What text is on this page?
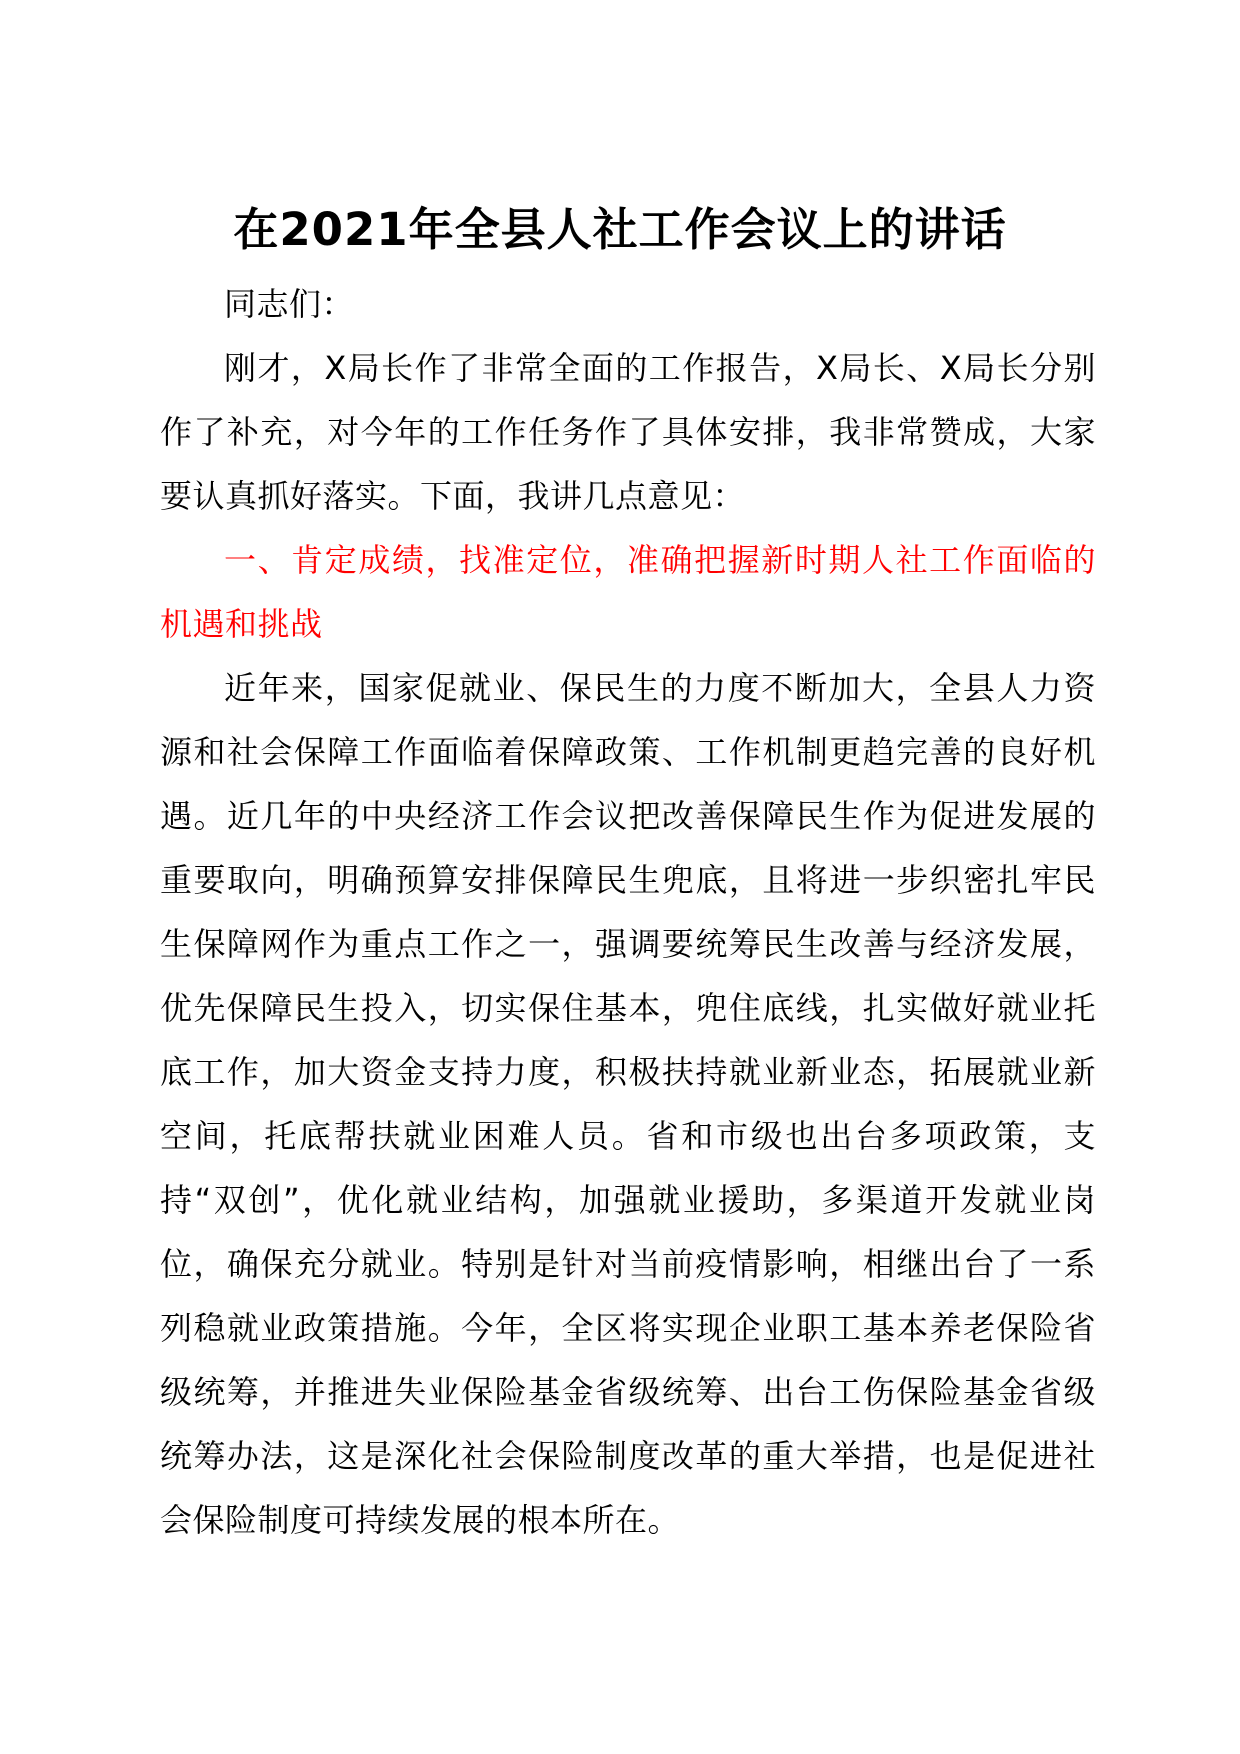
在2021年全县人社工作会议上的讲话

同志们：

刚才，X局长作了非常全面的工作报告，X局长、X局长分别作了补充，对今年的工作任务作了具体安排，我非常赞成，大家要认真抓好落实。下面，我讲几点意见：

一、肯定成绩，找准定位，准确把握新时期人社工作面临的机遇和挑战

近年来，国家促就业、保民生的力度不断加大，全县人力资源和社会保障工作面临着保障政策、工作机制更趋完善的良好机遇。近几年的中央经济工作会议把改善保障民生作为促进发展的重要取向，明确预算安排保障民生兜底，且将进一步织密扎牢民生保障网作为重点工作之一，强调要统筹民生改善与经济发展，优先保障民生投入，切实保住基本，兜住底线，扎实做好就业托底工作，加大资金支持力度，积极扶持就业新业态，拓展就业新空间，托底帮扶就业困难人员。省和市级也出台多项政策，支持“双创”，优化就业结构，加强就业援助，多渠道开发就业岗位，确保充分就业。特别是针对当前疫情影响，相继出台了一系列稳就业政策措施。今年，全区将实现企业职工基本养老保险省级统筹，并推进失业保险基金省级统筹、出台工伤保险基金省级统筹办法，这是深化社会保险制度改革的重大举措，也是促进社会保险制度可持续发展的根本所在。
